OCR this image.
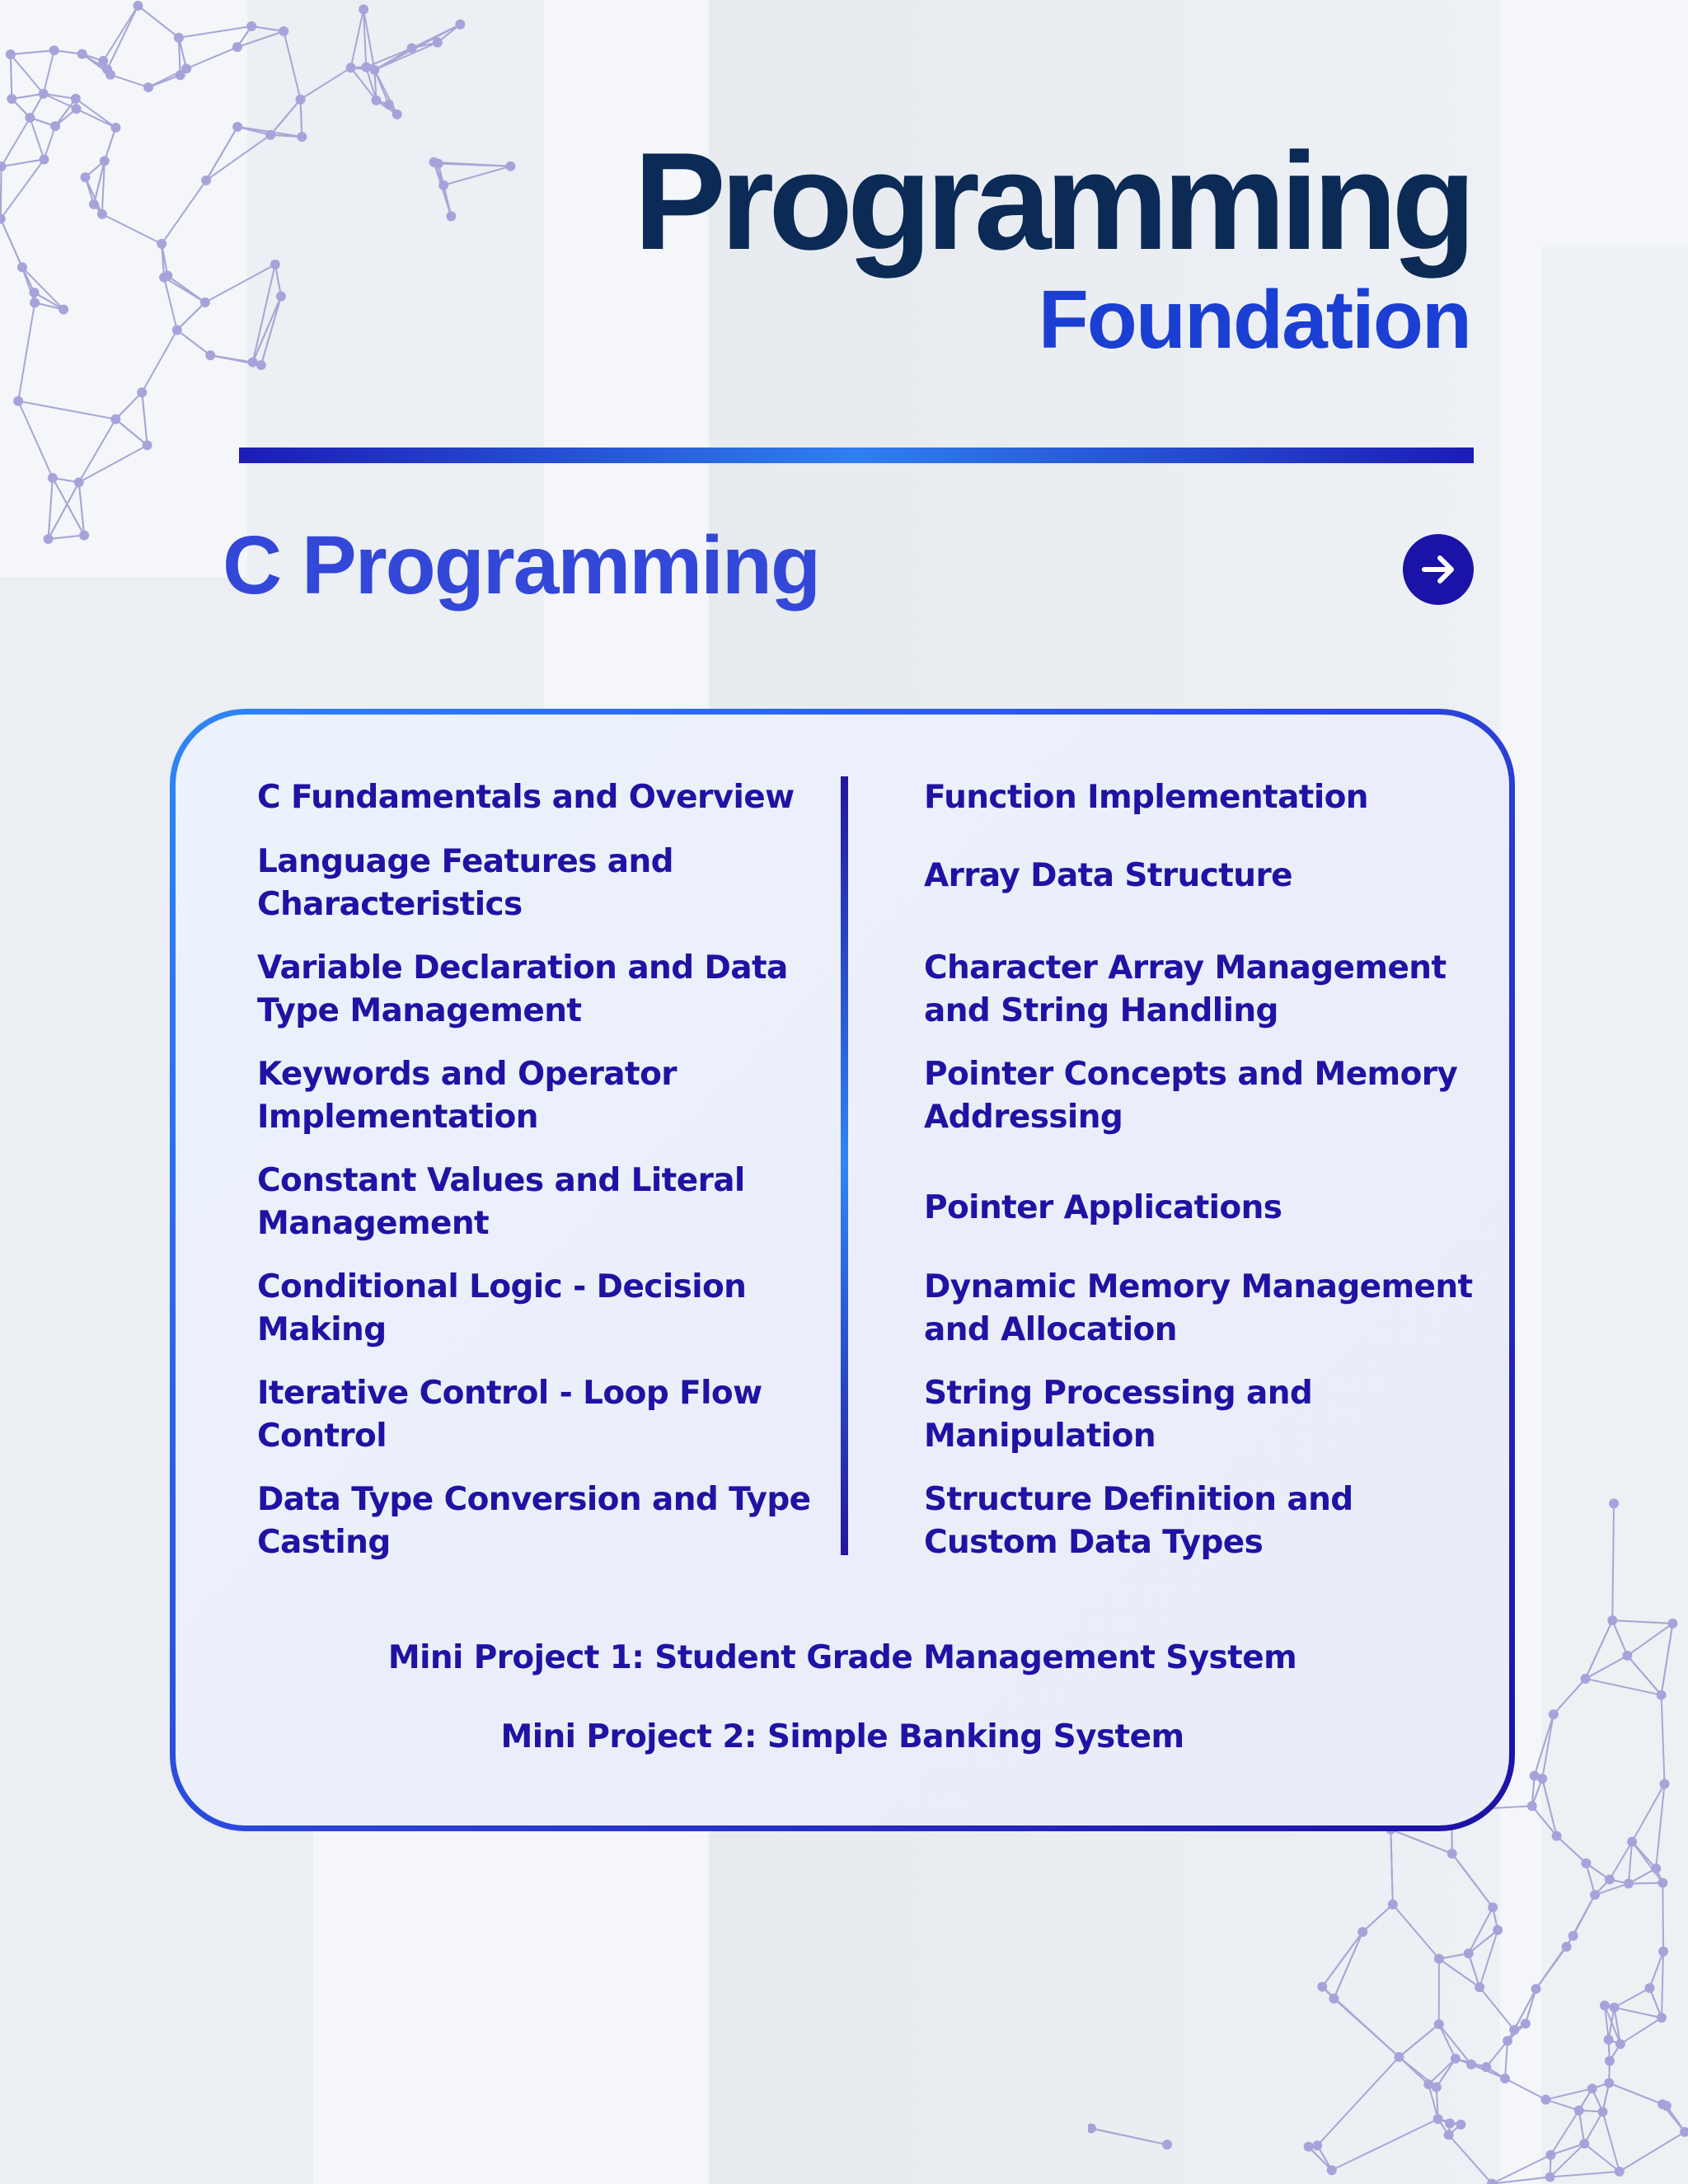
Programming
Foundation
C Programming

C Fundamentals and Overview

Language Features and Characteristics

Variable Declaration and Data Type Management

Keywords and Operator Implementation

Constant Values and Literal Management

Conditional Logic - Decision Making

Iterative Control - Loop Flow Control

Data Type Conversion and Type Casting

Function Implementation

Array Data Structure

Character Array Management and String Handling

Pointer Concepts and Memory Addressing

Pointer Applications

Dynamic Memory Management and Allocation

String Processing and Manipulation

Structure Definition and Custom Data Types

Mini Project 1: Student Grade Management System

Mini Project 2: Simple Banking System
